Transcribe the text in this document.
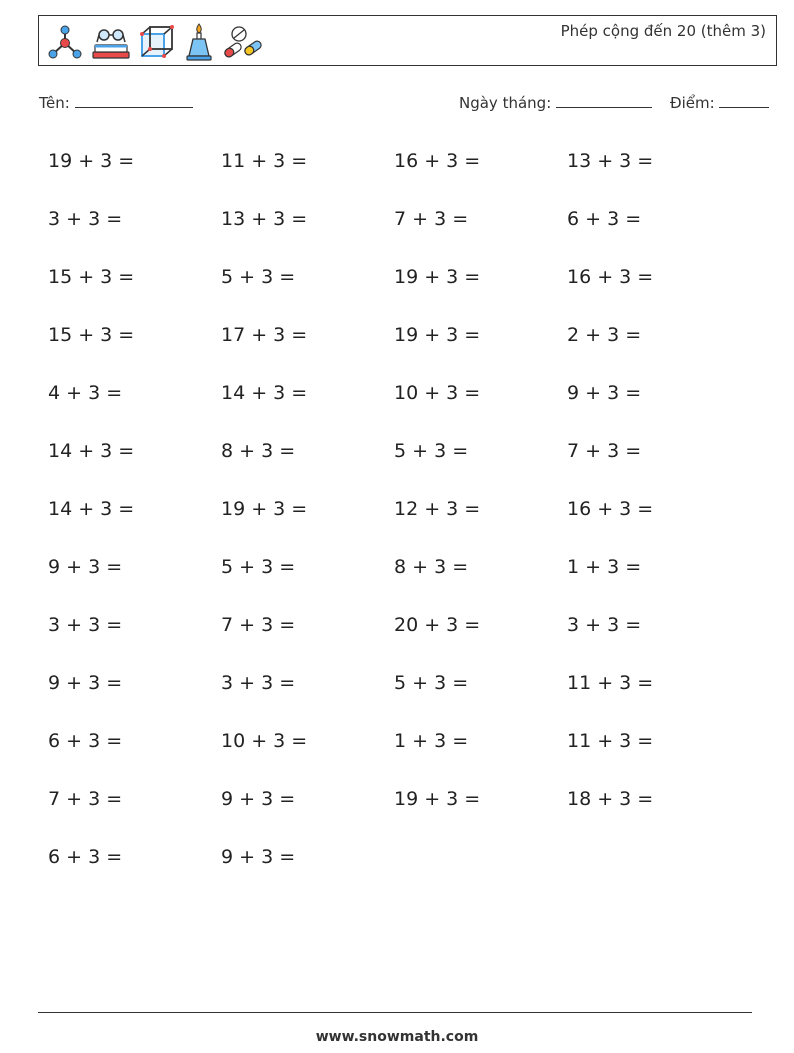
Phép cộng đến 20 (thêm 3)
Tên:	Ngày tháng:	Điểm:
19 + 3 =	11 + 3 =	16 + 3 =	13 + 3 =
3 + 3 =	13 + 3 =	7 + 3 =	6 + 3 =
15 + 3 =	5 + 3 =	19 + 3 =	16 + 3 =
15 + 3 =	17 + 3 =	19 + 3 =	2 + 3 =
4 + 3 =	14 + 3 =	10 + 3 =	9 + 3 =
14 + 3 =	8 + 3 =	5 + 3 =	7 + 3 =
14 + 3 =	19 + 3 =	12 + 3 =	16 + 3 =
9 + 3 =	5 + 3 =	8 + 3 =	1 + 3 =
3 + 3 =	7 + 3 =	20 + 3 =	3 + 3 =
9 + 3 =	3 + 3 =	5 + 3 =	11 + 3 =
6 + 3 =	10 + 3 =	1 + 3 =	11 + 3 =
7 + 3 =	9 + 3 =	19 + 3 =	18 + 3 =
6 + 3 =	9 + 3 =
www.snowmath.com
